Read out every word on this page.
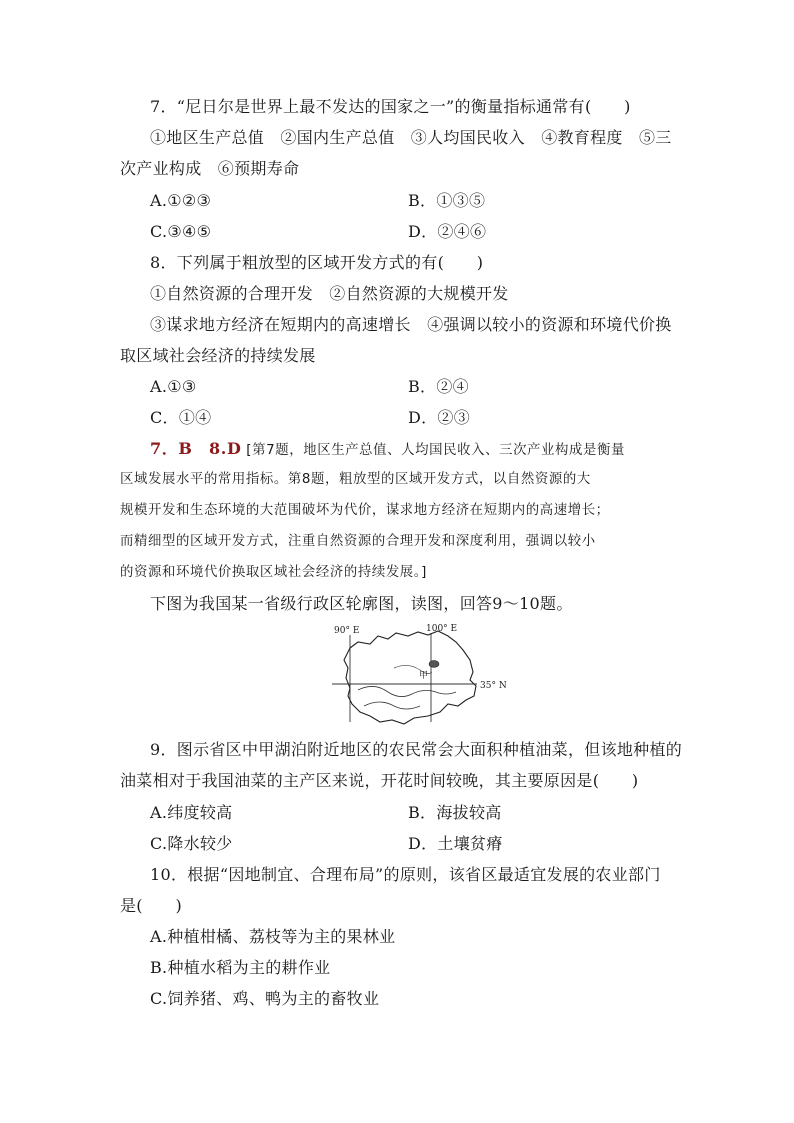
7．“尼日尔是世界上最不发达的国家之一”的衡量指标通常有(　　)
①地区生产总值　②国内生产总值　③人均国民收入　④教育程度　⑤三
次产业构成　⑥预期寿命
A.①②③	B．①③⑤
C.③④⑤	D．②④⑥
8．下列属于粗放型的区域开发方式的有(　　)
①自然资源的合理开发　②自然资源的大规模开发
③谋求地方经济在短期内的高速增长　④强调以较小的资源和环境代价换
取区域社会经济的持续发展
A.①③	B．②④
C．①④	D．②③
7．B　8.D [第7题，地区生产总值、人均国民收入、三次产业构成是衡量
区域发展水平的常用指标。第8题，粗放型的区域开发方式，以自然资源的大
规模开发和生态环境的大范围破坏为代价，谋求地方经济在短期内的高速增长；
而精细型的区域开发方式，注重自然资源的合理开发和深度利用，强调以较小
的资源和环境代价换取区域社会经济的持续发展。]
下图为我国某一省级行政区轮廓图，读图，回答9～10题。
90° E	100° E
35° N
甲
9．图示省区中甲湖泊附近地区的农民常会大面积种植油菜，但该地种植的
油菜相对于我国油菜的主产区来说，开花时间较晚，其主要原因是(　　)
A.纬度较高	B．海拔较高
C.降水较少	D．土壤贫瘠
10．根据“因地制宜、合理布局”的原则，该省区最适宜发展的农业部门
是(　　)
A.种植柑橘、荔枝等为主的果林业
B.种植水稻为主的耕作业
C.饲养猪、鸡、鸭为主的畜牧业
